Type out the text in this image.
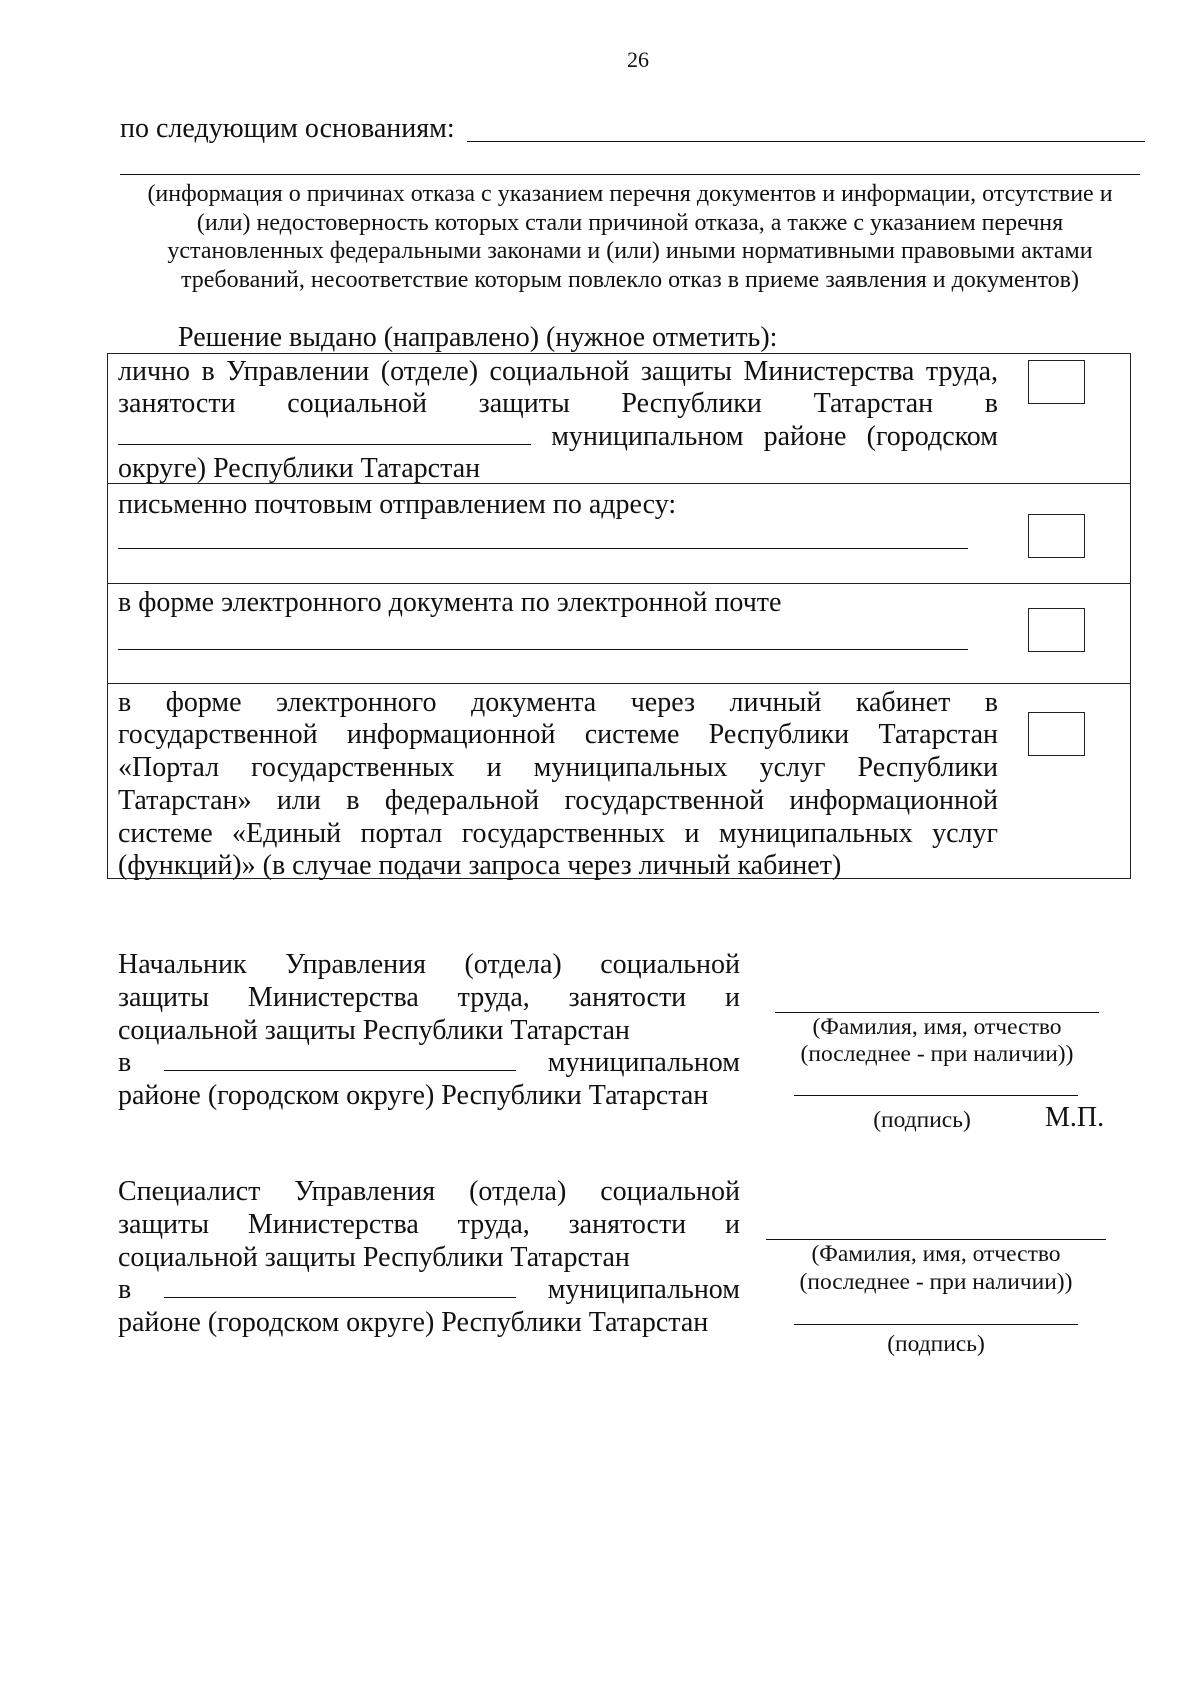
26
по следующим основаниям:
(информация о причинах отказа с указанием перечня документов и информации, отсутствие и
(или) недостоверность которых стали причиной отказа, а также с указанием перечня
установленных федеральными законами и (или) иными нормативными правовыми актами
требований, несоответствие которым повлекло отказ в приеме заявления и документов)
Решение выдано (направлено) (нужное отметить):
лично в Управлении (отделе) социальной защиты Министерства труда,
занятости социальной защиты Республики Татарстан в
муниципальном районе (городском
округе) Республики Татарстан
письменно почтовым отправлением по адресу:
в форме электронного документа по электронной почте
в форме электронного документа через личный кабинет в
государственной информационной системе Республики Татарстан
«Портал государственных и муниципальных услуг Республики
Татарстан» или в федеральной государственной информационной
системе «Единый портал государственных и муниципальных услуг
(функций)» (в случае подачи запроса через личный кабинет)
Начальник Управления (отдела) социальной
защиты Министерства труда, занятости и
социальной защиты Республики Татарстан
в	муниципальном
районе (городском округе) Республики Татарстан
(Фамилия, имя, отчество
(последнее - при наличии))
(подпись)	М.П.
Специалист Управления (отдела) социальной
защиты Министерства труда, занятости и
социальной защиты Республики Татарстан
в	муниципальном
районе (городском округе) Республики Татарстан
(Фамилия, имя, отчество
(последнее - при наличии))
(подпись)
